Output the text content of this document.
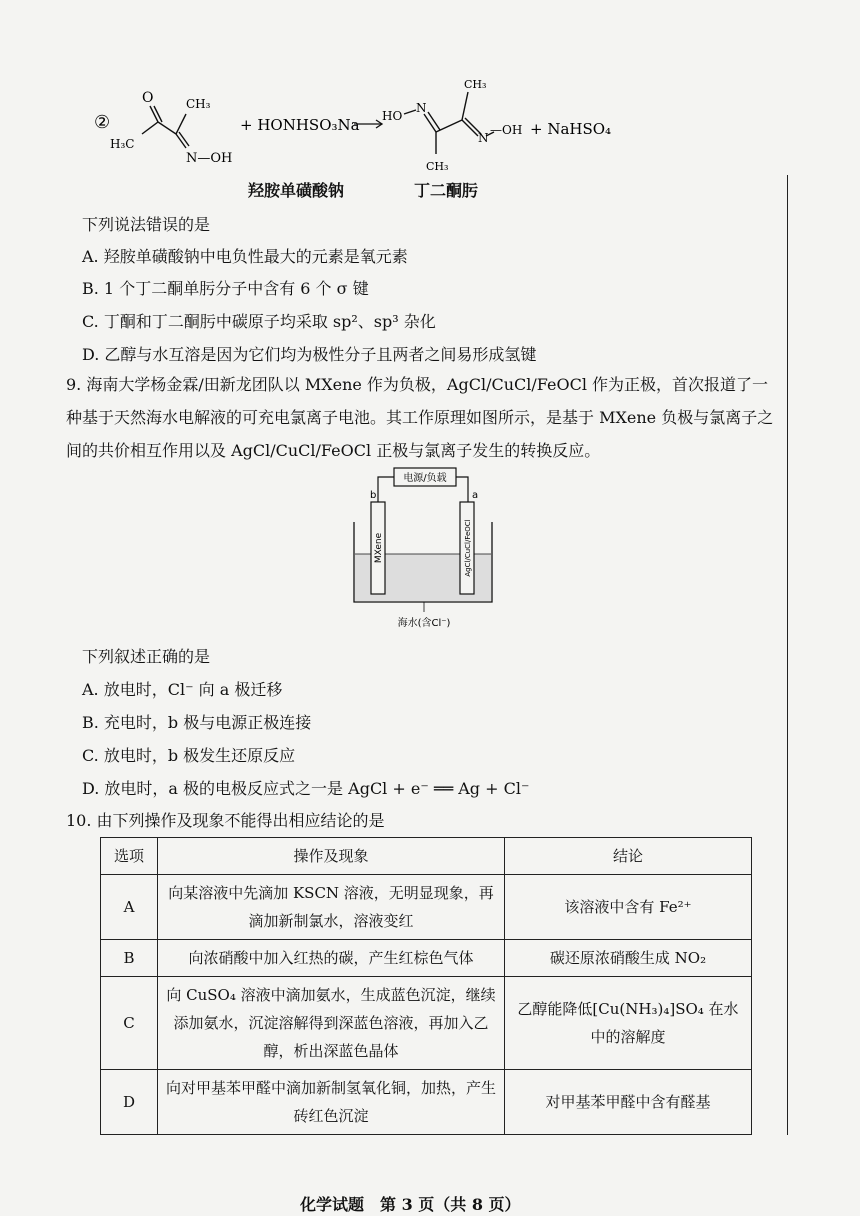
②
O	CH₃
H₃C
N—OH
+ HONHSO₃Na HO
N
CH₃
CH₃
N
—OH + NaHSO₄
羟胺单磺酸钠	丁二酮肟
下列说法错误的是
A. 羟胺单磺酸钠中电负性最大的元素是氧元素
B. 1 个丁二酮单肟分子中含有 6 个 σ 键
C. 丁酮和丁二酮肟中碳原子均采取 sp²、sp³ 杂化
D. 乙醇与水互溶是因为它们均为极性分子且两者之间易形成氢键
9. 海南大学杨金霖/田新龙团队以 MXene 作为负极，AgCl/CuCl/FeOCl 作为正极，首次报道了一种基于天然海水电解液的可充电氯离子电池。其工作原理如图所示，是基于 MXene 负极与氯离子之间的共价相互作用以及 AgCl/CuCl/FeOCl 正极与氯离子发生的转换反应。
电源/负载
b	a
MXene	AgCl/CuCl/FeOCl
海水(含Cl⁻)
下列叙述正确的是
A. 放电时，Cl⁻ 向 a 极迁移
B. 充电时，b 极与电源正极连接
C. 放电时，b 极发生还原反应
D. 放电时，a 极的电极反应式之一是 AgCl + e⁻ ══ Ag + Cl⁻
10. 由下列操作及现象不能得出相应结论的是
选项	操作及现象	结论
A	向某溶液中先滴加 KSCN 溶液，无明显现象，再滴加新制氯水，溶液变红	该溶液中含有 Fe²⁺
B	向浓硝酸中加入红热的碳，产生红棕色气体	碳还原浓硝酸生成 NO₂
C	向 CuSO₄ 溶液中滴加氨水，生成蓝色沉淀，继续添加氨水，沉淀溶解得到深蓝色溶液，再加入乙醇，析出深蓝色晶体	乙醇能降低[Cu(NH₃)₄]SO₄ 在水中的溶解度
D	向对甲基苯甲醛中滴加新制氢氧化铜，加热，产生砖红色沉淀	对甲基苯甲醛中含有醛基
化学试题　第 3 页（共 8 页）
